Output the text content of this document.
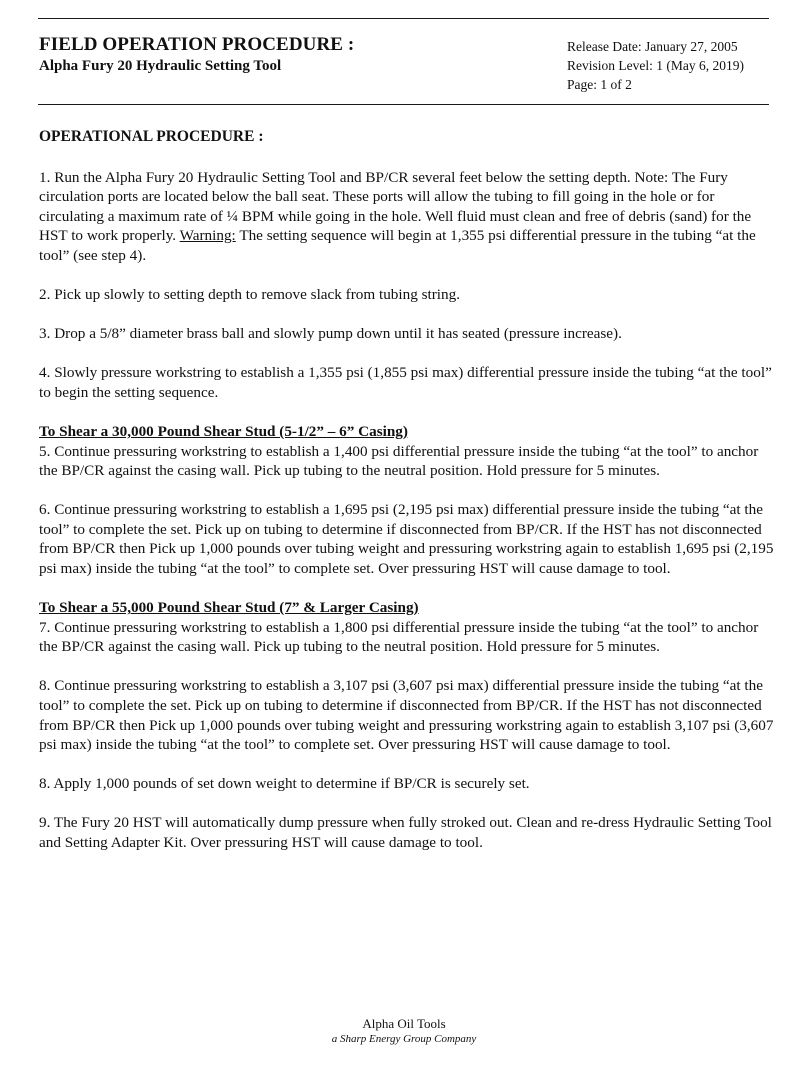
FIELD OPERATION PROCEDURE :
Alpha Fury 20 Hydraulic Setting Tool
Release Date: January 27, 2005
Revision Level: 1 (May 6, 2019)
Page: 1 of 2
OPERATIONAL PROCEDURE :
1. Run the Alpha Fury 20 Hydraulic Setting Tool and BP/CR several feet below the setting depth. Note: The Fury circulation ports are located below the ball seat. These ports will allow the tubing to fill going in the hole or for circulating a maximum rate of ¼ BPM while going in the hole. Well fluid must clean and free of debris (sand) for the HST to work properly. Warning: The setting sequence will begin at 1,355 psi differential pressure in the tubing “at the tool” (see step 4).
2. Pick up slowly to setting depth to remove slack from tubing string.
3. Drop a 5/8” diameter brass ball and slowly pump down until it has seated (pressure increase).
4. Slowly pressure workstring to establish a 1,355 psi (1,855 psi max) differential pressure inside the tubing “at the tool” to begin the setting sequence.
To Shear a 30,000 Pound Shear Stud (5-1/2” – 6” Casing)
5. Continue pressuring workstring to establish a 1,400 psi differential pressure inside the tubing “at the tool” to anchor the BP/CR against the casing wall. Pick up tubing to the neutral position. Hold pressure for 5 minutes.
6. Continue pressuring workstring to establish a 1,695 psi (2,195 psi max) differential pressure inside the tubing “at the tool” to complete the set. Pick up on tubing to determine if disconnected from BP/CR. If the HST has not disconnected from BP/CR then Pick up 1,000 pounds over tubing weight and pressuring workstring again to establish 1,695 psi (2,195 psi max) inside the tubing “at the tool” to complete set. Over pressuring HST will cause damage to tool.
To Shear a 55,000 Pound Shear Stud (7” & Larger Casing)
7. Continue pressuring workstring to establish a 1,800 psi differential pressure inside the tubing “at the tool” to anchor the BP/CR against the casing wall. Pick up tubing to the neutral position. Hold pressure for 5 minutes.
8. Continue pressuring workstring to establish a 3,107 psi (3,607 psi max) differential pressure inside the tubing “at the tool” to complete the set. Pick up on tubing to determine if disconnected from BP/CR. If the HST has not disconnected from BP/CR then Pick up 1,000 pounds over tubing weight and pressuring workstring again to establish 3,107 psi (3,607 psi max) inside the tubing “at the tool” to complete set. Over pressuring HST will cause damage to tool.
8. Apply 1,000 pounds of set down weight to determine if BP/CR is securely set.
9. The Fury 20 HST will automatically dump pressure when fully stroked out. Clean and re-dress Hydraulic Setting Tool and Setting Adapter Kit. Over pressuring HST will cause damage to tool.
Alpha Oil Tools
a Sharp Energy Group Company
